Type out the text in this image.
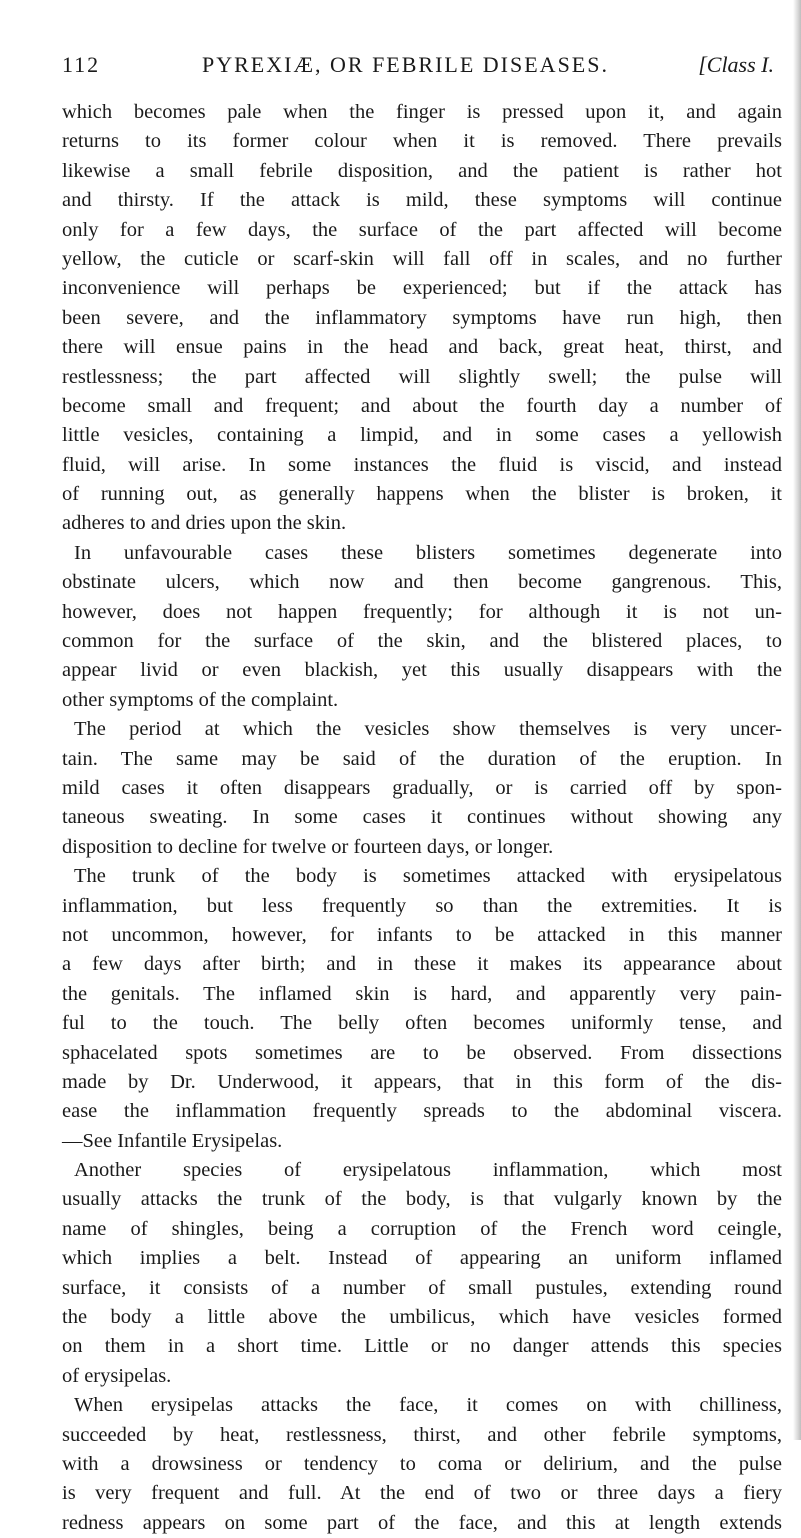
112	PYREXIÆ, OR FEBRILE DISEASES.	[Class I.
which becomes pale when the finger is pressed upon it, and again
returns to its former colour when it is removed. There prevails
likewise a small febrile disposition, and the patient is rather hot
and thirsty. If the attack is mild, these symptoms will continue
only for a few days, the surface of the part affected will become
yellow, the cuticle or scarf-skin will fall off in scales, and no further
inconvenience will perhaps be experienced; but if the attack has
been severe, and the inflammatory symptoms have run high, then
there will ensue pains in the head and back, great heat, thirst, and
restlessness; the part affected will slightly swell; the pulse will
become small and frequent; and about the fourth day a number of
little vesicles, containing a limpid, and in some cases a yellowish
fluid, will arise. In some instances the fluid is viscid, and instead
of running out, as generally happens when the blister is broken, it
adheres to and dries upon the skin.
In unfavourable cases these blisters sometimes degenerate into
obstinate ulcers, which now and then become gangrenous. This,
however, does not happen frequently; for although it is not un-
common for the surface of the skin, and the blistered places, to
appear livid or even blackish, yet this usually disappears with the
other symptoms of the complaint.
The period at which the vesicles show themselves is very uncer-
tain. The same may be said of the duration of the eruption. In
mild cases it often disappears gradually, or is carried off by spon-
taneous sweating. In some cases it continues without showing any
disposition to decline for twelve or fourteen days, or longer.
The trunk of the body is sometimes attacked with erysipelatous
inflammation, but less frequently so than the extremities. It is
not uncommon, however, for infants to be attacked in this manner
a few days after birth; and in these it makes its appearance about
the genitals. The inflamed skin is hard, and apparently very pain-
ful to the touch. The belly often becomes uniformly tense, and
sphacelated spots sometimes are to be observed. From dissections
made by Dr. Underwood, it appears, that in this form of the dis-
ease the inflammation frequently spreads to the abdominal viscera.
—See Infantile Erysipelas.
Another species of erysipelatous inflammation, which most
usually attacks the trunk of the body, is that vulgarly known by the
name of shingles, being a corruption of the French word ceingle,
which implies a belt. Instead of appearing an uniform inflamed
surface, it consists of a number of small pustules, extending round
the body a little above the umbilicus, which have vesicles formed
on them in a short time. Little or no danger attends this species
of erysipelas.
When erysipelas attacks the face, it comes on with chilliness,
succeeded by heat, restlessness, thirst, and other febrile symptoms,
with a drowsiness or tendency to coma or delirium, and the pulse
is very frequent and full. At the end of two or three days a fiery
redness appears on some part of the face, and this at length extends
